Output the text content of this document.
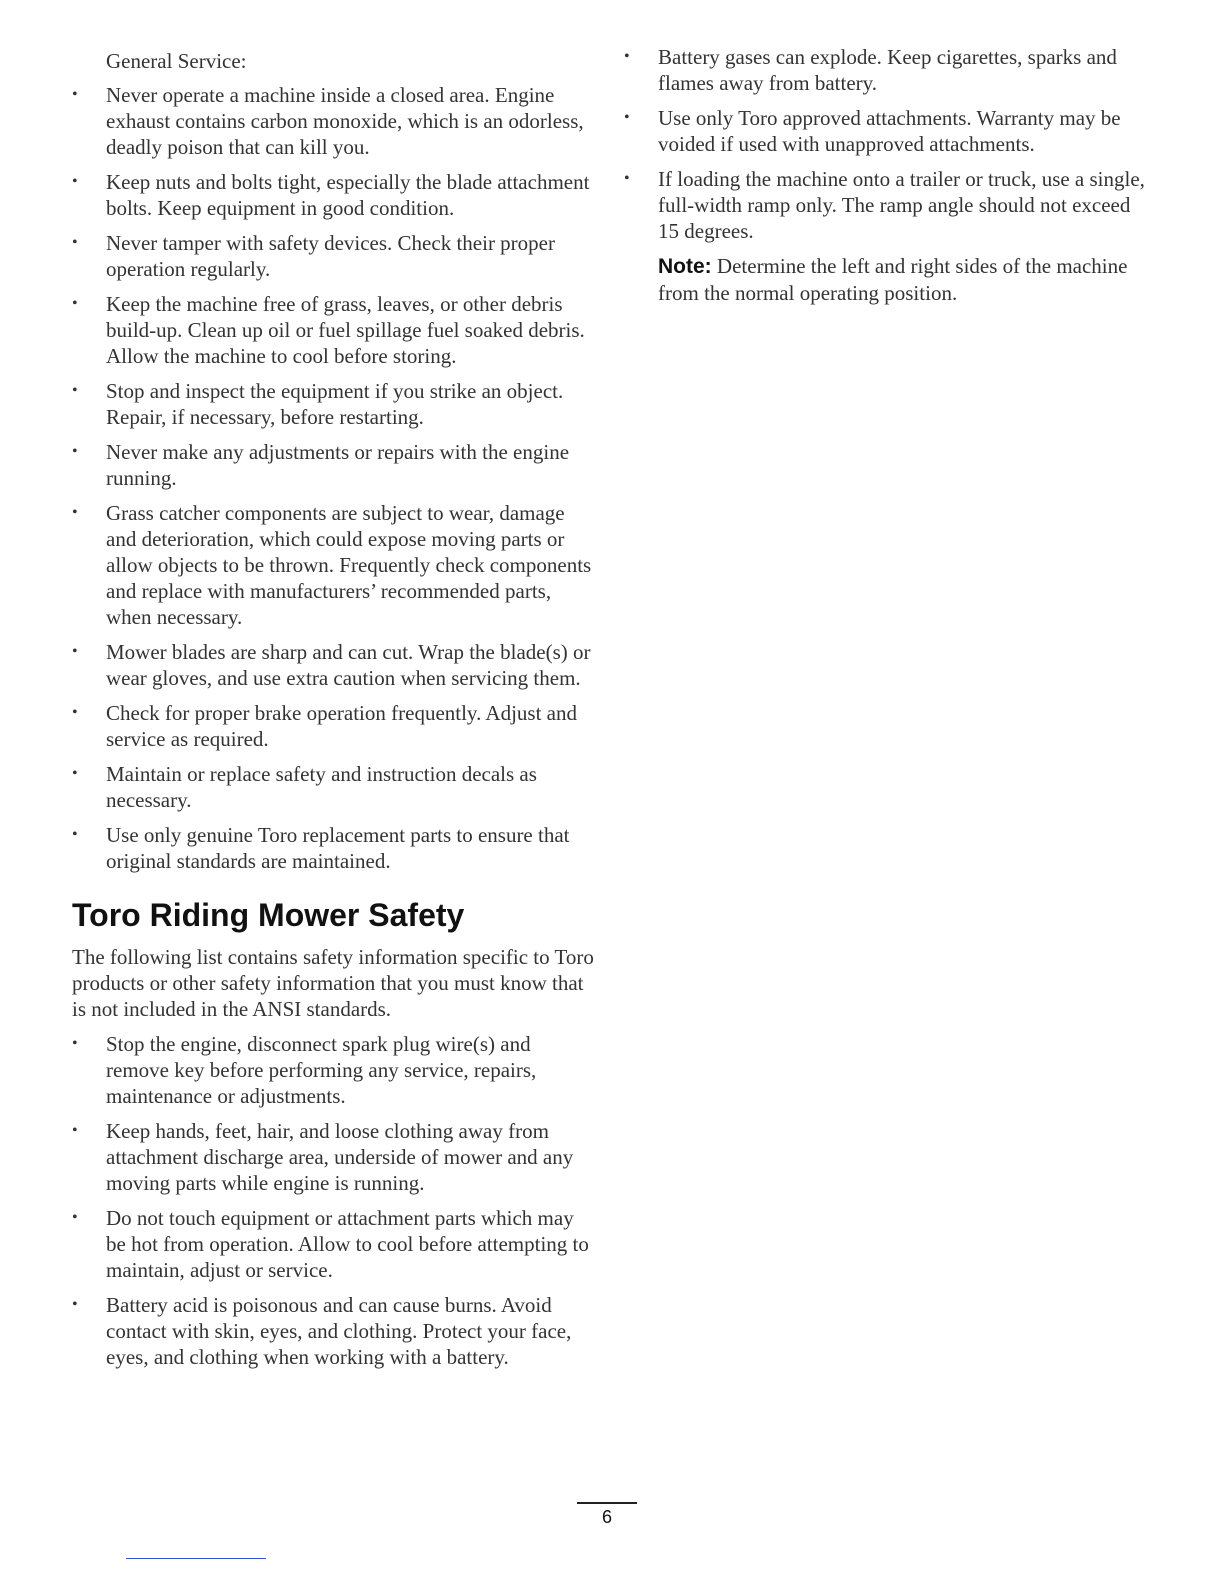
General Service:
• Never operate a machine inside a closed area. Engine exhaust contains carbon monoxide, which is an odorless, deadly poison that can kill you.
• Keep nuts and bolts tight, especially the blade attachment bolts. Keep equipment in good condition.
• Never tamper with safety devices. Check their proper operation regularly.
• Keep the machine free of grass, leaves, or other debris build-up. Clean up oil or fuel spillage fuel soaked debris. Allow the machine to cool before storing.
• Stop and inspect the equipment if you strike an object. Repair, if necessary, before restarting.
• Never make any adjustments or repairs with the engine running.
• Grass catcher components are subject to wear, damage and deterioration, which could expose moving parts or allow objects to be thrown. Frequently check components and replace with manufacturers’ recommended parts, when necessary.
• Mower blades are sharp and can cut. Wrap the blade(s) or wear gloves, and use extra caution when servicing them.
• Check for proper brake operation frequently. Adjust and service as required.
• Maintain or replace safety and instruction decals as necessary.
• Use only genuine Toro replacement parts to ensure that original standards are maintained.
Toro Riding Mower Safety
The following list contains safety information specific to Toro products or other safety information that you must know that is not included in the ANSI standards.
• Stop the engine, disconnect spark plug wire(s) and remove key before performing any service, repairs, maintenance or adjustments.
• Keep hands, feet, hair, and loose clothing away from attachment discharge area, underside of mower and any moving parts while engine is running.
• Do not touch equipment or attachment parts which may be hot from operation. Allow to cool before attempting to maintain, adjust or service.
• Battery acid is poisonous and can cause burns. Avoid contact with skin, eyes, and clothing. Protect your face, eyes, and clothing when working with a battery.
• Battery gases can explode. Keep cigarettes, sparks and flames away from battery.
• Use only Toro approved attachments. Warranty may be voided if used with unapproved attachments.
• If loading the machine onto a trailer or truck, use a single, full-width ramp only. The ramp angle should not exceed 15 degrees.
Note: Determine the left and right sides of the machine from the normal operating position.
6
